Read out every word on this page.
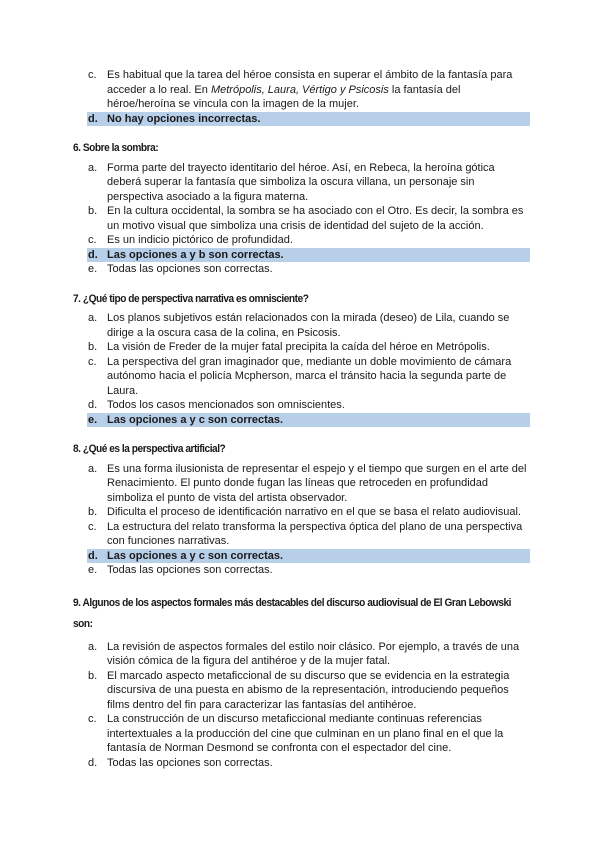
c. Es habitual que la tarea del héroe consista en superar el ámbito de la fantasía para acceder a lo real. En Metrópolis, Laura, Vértigo y Psicosis la fantasía del héroe/heroína se vincula con la imagen de la mujer.
d. No hay opciones incorrectas.
6. Sobre la sombra:
a. Forma parte del trayecto identitario del héroe. Así, en Rebeca, la heroína gótica deberá superar la fantasía que simboliza la oscura villana, un personaje sin perspectiva asociado a la figura materna.
b. En la cultura occidental, la sombra se ha asociado con el Otro. Es decir, la sombra es un motivo visual que simboliza una crisis de identidad del sujeto de la acción.
c. Es un indicio pictórico de profundidad.
d. Las opciones a y b son correctas.
e. Todas las opciones son correctas.
7. ¿Qué tipo de perspectiva narrativa es omnisciente?
a. Los planos subjetivos están relacionados con la mirada (deseo) de Lila, cuando se dirige a la oscura casa de la colina, en Psicosis.
b. La visión de Freder de la mujer fatal precipita la caída del héroe en Metrópolis.
c. La perspectiva del gran imaginador que, mediante un doble movimiento de cámara autónomo hacia el policía Mcpherson, marca el tránsito hacia la segunda parte de Laura.
d. Todos los casos mencionados son omniscientes.
e. Las opciones a y c son correctas.
8. ¿Qué es la perspectiva artificial?
a. Es una forma ilusionista de representar el espejo y el tiempo que surgen en el arte del Renacimiento. El punto donde fugan las líneas que retroceden en profundidad simboliza el punto de vista del artista observador.
b. Dificulta el proceso de identificación narrativo en el que se basa el relato audiovisual.
c. La estructura del relato transforma la perspectiva óptica del plano de una perspectiva con funciones narrativas.
d. Las opciones a y c son correctas.
e. Todas las opciones son correctas.
9. Algunos de los aspectos formales más destacables del discurso audiovisual de El Gran Lebowski son:
a. La revisión de aspectos formales del estilo noir clásico. Por ejemplo, a través de una visión cómica de la figura del antihéroe y de la mujer fatal.
b. El marcado aspecto metaficcional de su discurso que se evidencia en la estrategia discursiva de una puesta en abismo de la representación, introduciendo pequeños films dentro del fin para caracterizar las fantasías del antihéroe.
c. La construcción de un discurso metaficcional mediante continuas referencias intertextuales a la producción del cine que culminan en un plano final en el que la fantasía de Norman Desmond se confronta con el espectador del cine.
d. Todas las opciones son correctas.
